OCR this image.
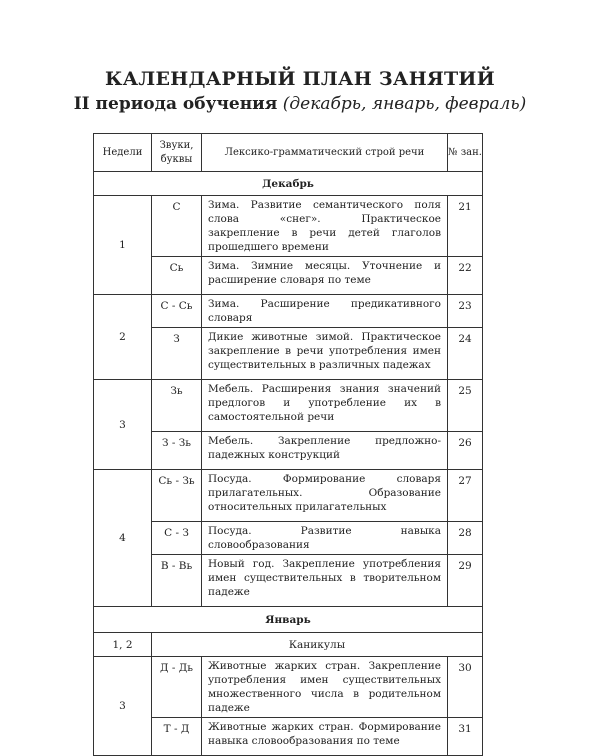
КАЛЕНДАРНЫЙ ПЛАН ЗАНЯТИЙ
II периода обучения (декабрь, январь, февраль)
Недели	Звуки, буквы	Лексико-грамматический строй речи	№ зан.
Декабрь			
1	С	Зима. Развитие семантического поля слова «снег». Практическое закрепление в речи детей глаголов прошедшего времени	21
	Сь	Зима. Зимние месяцы. Уточнение и расширение словаря по теме	22
2	С - Сь	Зима. Расширение предикативного словаря	23
	З	Дикие животные зимой. Практическое закрепление в речи употребления имен существительных в различных падежах	24
3	Зь	Мебель. Расширения знания значений предлогов и употребление их в самостоятельной речи	25
	З - Зь	Мебель. Закрепление предложно-падежных конструкций	26
4	Сь - Зь	Посуда. Формирование словаря прилагательных. Образование относительных прилагательных	27
	С - З	Посуда. Развитие навыка словообразования	28
	В - Вь	Новый год. Закрепление употребления имен существительных в творительном падеже	29
Январь			
1, 2	Каникулы		
3	Д - Дь	Животные жарких стран. Закрепление употребления имен существительных множественного числа в родительном падеже	30
	Т - Д	Животные жарких стран. Формирование навыка словообразования по теме	31
